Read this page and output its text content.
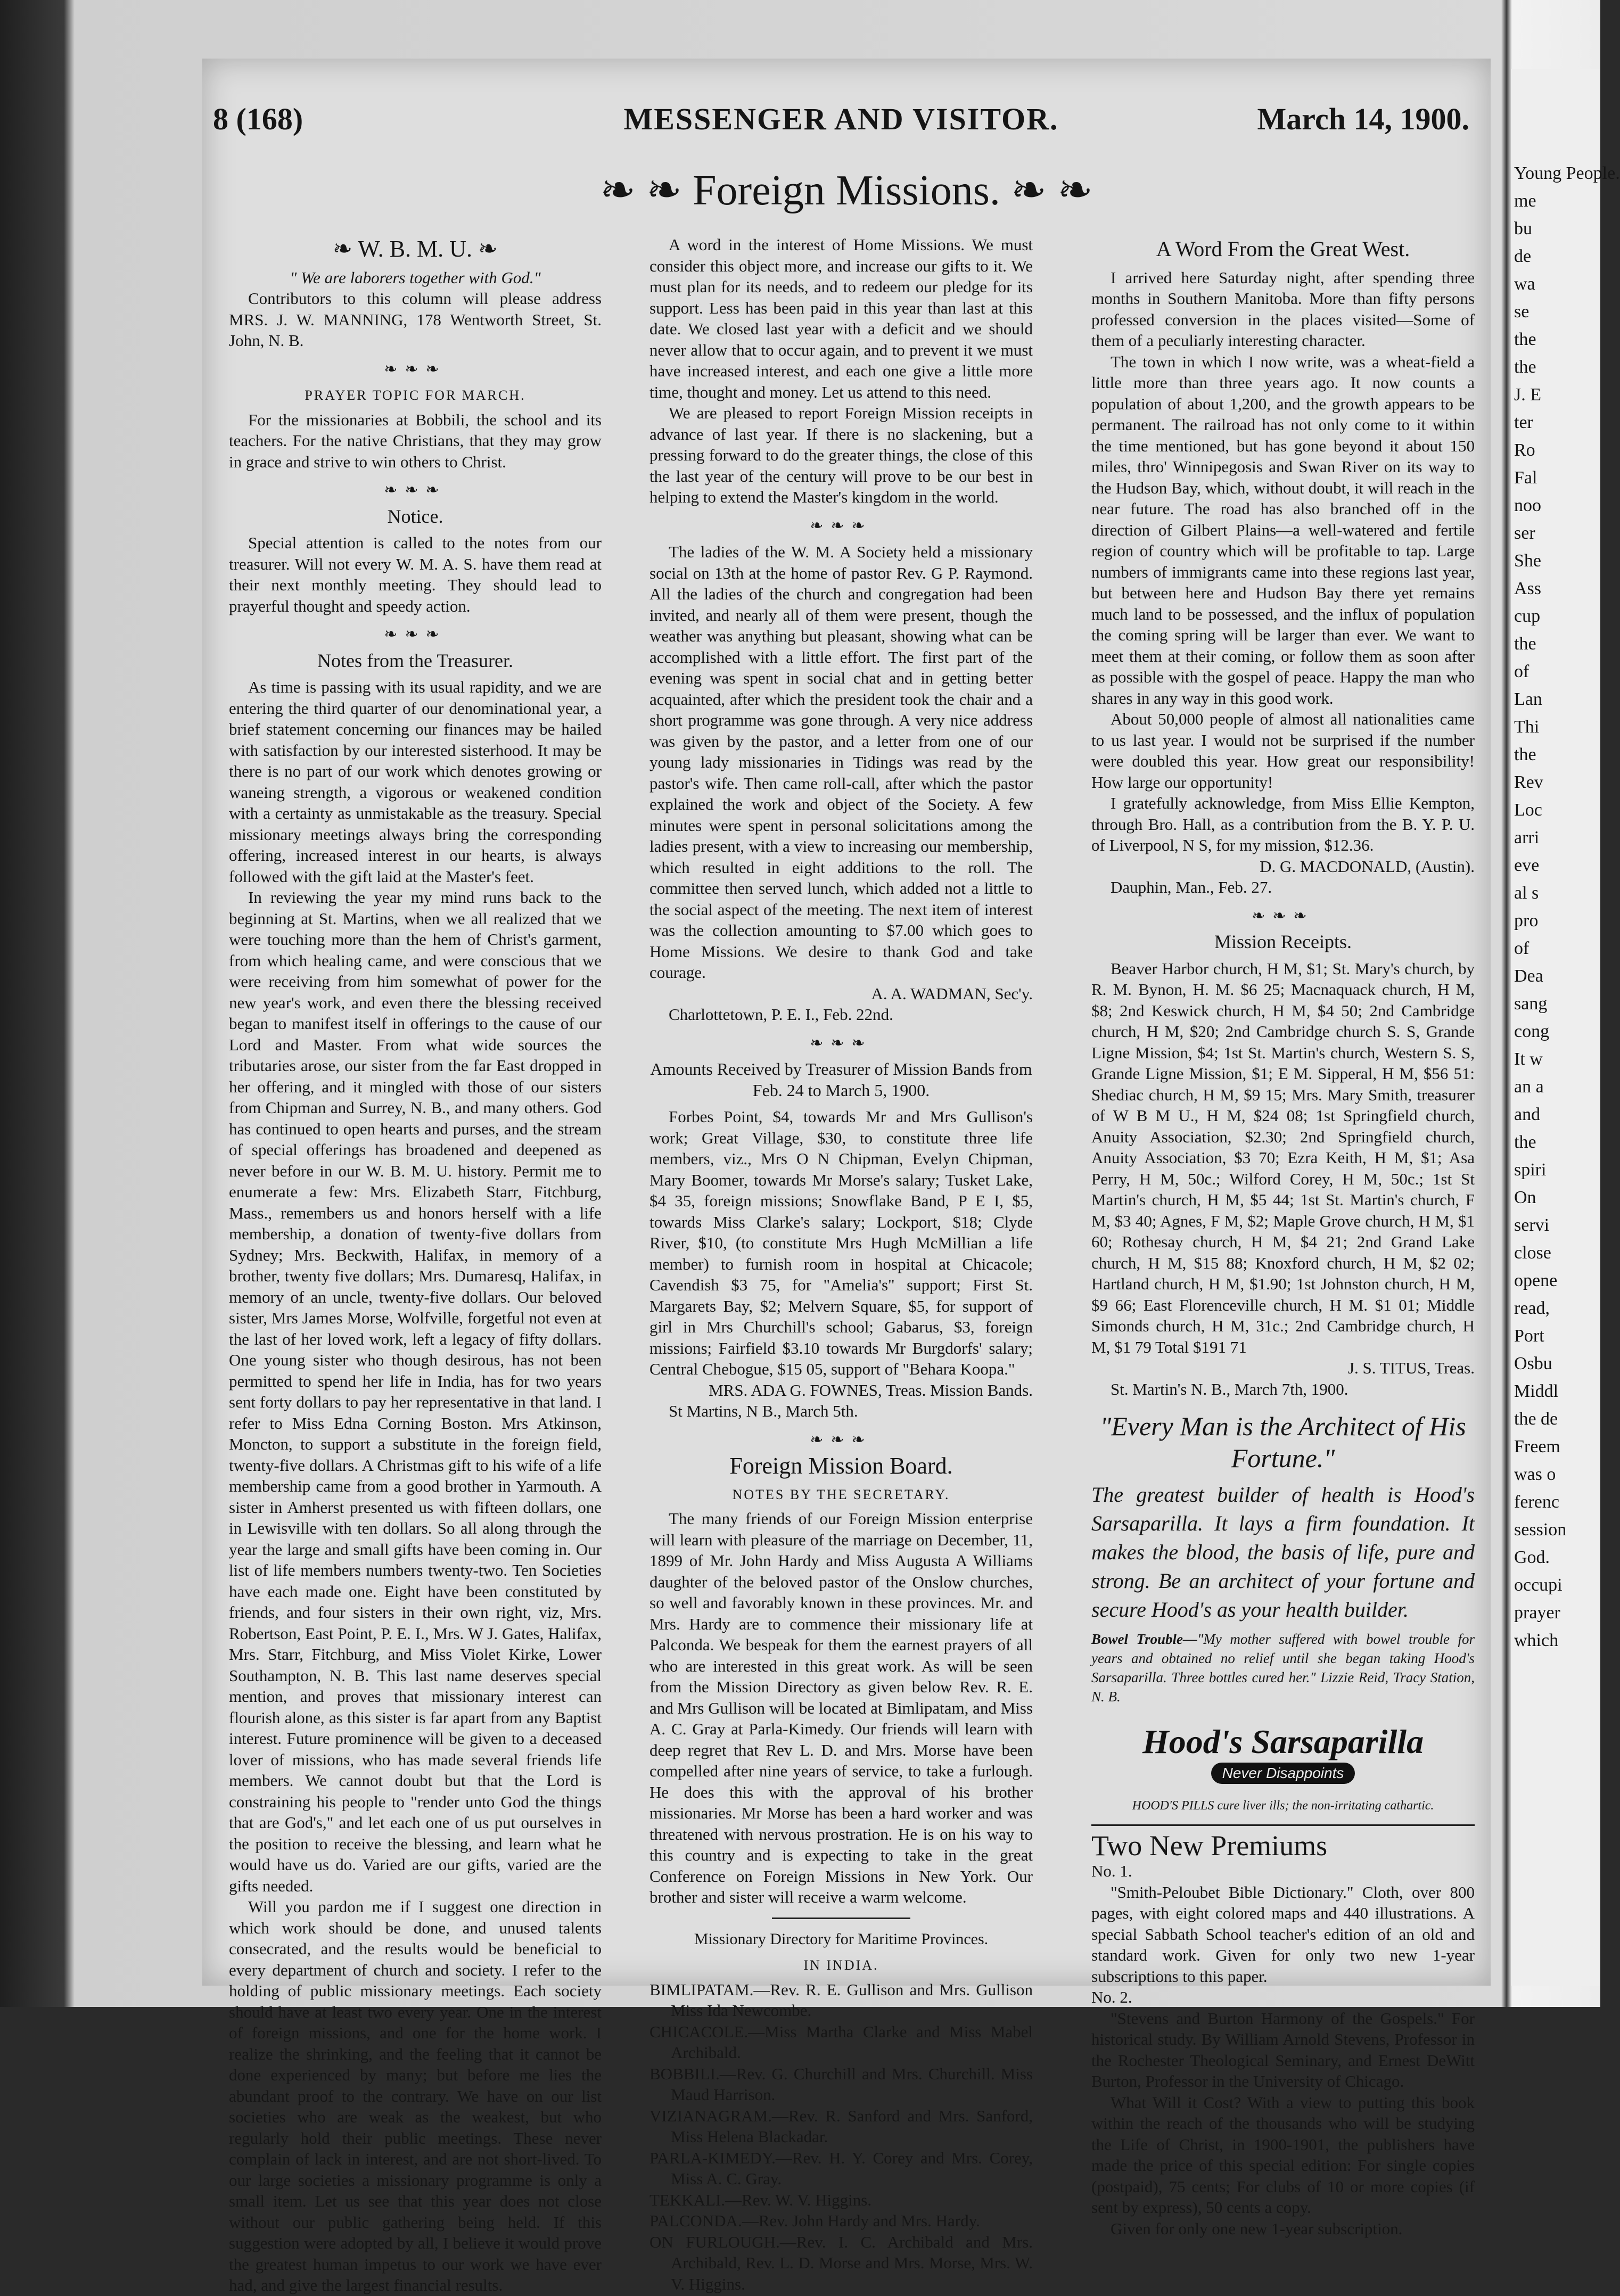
8 (168)	MESSENGER AND VISITOR.	March 14, 1900.
❧ ❧ Foreign Missions. ❧ ❧
❧ W. B. M. U. ❧

" We are laborers together with God."

Contributors to this column will please address MRS. J. W. MANNING, 178 Wentworth Street, St. John, N. B.

❧❧❧
PRAYER TOPIC FOR MARCH.

For the missionaries at Bobbili, the school and its teachers. For the native Christians, that they may grow in grace and strive to win others to Christ.

❧❧❧
Notice.

Special attention is called to the notes from our treasurer. Will not every W. M. A. S. have them read at their next monthly meeting. They should lead to prayerful thought and speedy action.

❧❧❧
Notes from the Treasurer.

As time is passing with its usual rapidity, and we are entering the third quarter of our denominational year, a brief statement concerning our finances may be hailed with satisfaction by our interested sisterhood. It may be there is no part of our work which denotes growing or waneing strength, a vigorous or weakened condition with a certainty as unmistakable as the treasury. Special missionary meetings always bring the corresponding offering, increased interest in our hearts, is always followed with the gift laid at the Master's feet.

In reviewing the year my mind runs back to the beginning at St. Martins, when we all realized that we were touching more than the hem of Christ's garment, from which healing came, and were conscious that we were receiving from him somewhat of power for the new year's work, and even there the blessing received began to manifest itself in offerings to the cause of our Lord and Master. From what wide sources the tributaries arose, our sister from the far East dropped in her offering, and it mingled with those of our sisters from Chipman and Surrey, N. B., and many others. God has continued to open hearts and purses, and the stream of special offerings has broadened and deepened as never before in our W. B. M. U. history. Permit me to enumerate a few: Mrs. Elizabeth Starr, Fitchburg, Mass., remembers us and honors herself with a life membership, a donation of twenty-five dollars from Sydney; Mrs. Beckwith, Halifax, in memory of a brother, twenty five dollars; Mrs. Dumaresq, Halifax, in memory of an uncle, twenty-five dollars. Our beloved sister, Mrs James Morse, Wolfville, forgetful not even at the last of her loved work, left a legacy of fifty dollars. One young sister who though desirous, has not been permitted to spend her life in India, has for two years sent forty dollars to pay her representative in that land. I refer to Miss Edna Corning Boston. Mrs Atkinson, Moncton, to support a substitute in the foreign field, twenty-five dollars. A Christmas gift to his wife of a life membership came from a good brother in Yarmouth. A sister in Amherst presented us with fifteen dollars, one in Lewisville with ten dollars. So all along through the year the large and small gifts have been coming in. Our list of life members numbers twenty-two. Ten Societies have each made one. Eight have been constituted by friends, and four sisters in their own right, viz, Mrs. Robertson, East Point, P. E. I., Mrs. W J. Gates, Halifax, Mrs. Starr, Fitchburg, and Miss Violet Kirke, Lower Southampton, N. B. This last name deserves special mention, and proves that missionary interest can flourish alone, as this sister is far apart from any Baptist interest. Future prominence will be given to a deceased lover of missions, who has made several friends life members. We cannot doubt but that the Lord is constraining his people to "render unto God the things that are God's," and let each one of us put ourselves in the position to receive the blessing, and learn what he would have us do. Varied are our gifts, varied are the gifts needed.

Will you pardon me if I suggest one direction in which work should be done, and unused talents consecrated, and the results would be beneficial to every department of church and society. I refer to the holding of public missionary meetings. Each society should have at least two every year. One in the interest of foreign missions, and one for the home work. I realize the shrinking, and the feeling that it cannot be done experienced by many; but before me lies the abundant proof to the contrary. We have on our list societies who are weak as the weakest, but who regularly hold their public meetings. These never complain of lack in interest, and are not short-lived. To our large societies a missionary programme is only a small item. Let us see that this year does not close without our public gathering being held. If this suggestion were adopted by all, I believe it would prove the greatest human impetus to our work we have ever had, and give the largest financial results.

A word in the interest of Home Missions. We must consider this object more, and increase our gifts to it. We must plan for its needs, and to redeem our pledge for its support. Less has been paid in this year than last at this date. We closed last year with a deficit and we should never allow that to occur again, and to prevent it we must have increased interest, and each one give a little more time, thought and money. Let us attend to this need.

We are pleased to report Foreign Mission receipts in advance of last year. If there is no slackening, but a pressing forward to do the greater things, the close of this the last year of the century will prove to be our best in helping to extend the Master's kingdom in the world.

❧❧❧

The ladies of the W. M. A Society held a missionary social on 13th at the home of pastor Rev. G P. Raymond. All the ladies of the church and congregation had been invited, and nearly all of them were present, though the weather was anything but pleasant, showing what can be accomplished with a little effort. The first part of the evening was spent in social chat and in getting better acquainted, after which the president took the chair and a short programme was gone through. A very nice address was given by the pastor, and a letter from one of our young lady missionaries in Tidings was read by the pastor's wife. Then came roll-call, after which the pastor explained the work and object of the Society. A few minutes were spent in personal solicitations among the ladies present, with a view to increasing our membership, which resulted in eight additions to the roll. The committee then served lunch, which added not a little to the social aspect of the meeting. The next item of interest was the collection amounting to $7.00 which goes to Home Missions. We desire to thank God and take courage.

A. A. WADMAN, Sec'y.

Charlottetown, P. E. I., Feb. 22nd.

❧❧❧
Amounts Received by Treasurer of Mission Bands from Feb. 24 to March 5, 1900.

Forbes Point, $4, towards Mr and Mrs Gullison's work; Great Village, $30, to constitute three life members, viz., Mrs O N Chipman, Evelyn Chipman, Mary Boomer, towards Mr Morse's salary; Tusket Lake, $4 35, foreign missions; Snowflake Band, P E I, $5, towards Miss Clarke's salary; Lockport, $18; Clyde River, $10, (to constitute Mrs Hugh McMillian a life member) to furnish room in hospital at Chicacole; Cavendish $3 75, for "Amelia's" support; First St. Margarets Bay, $2; Melvern Square, $5, for support of girl in Mrs Churchill's school; Gabarus, $3, foreign missions; Fairfield $3.10 towards Mr Burgdorfs' salary; Central Chebogue, $15 05, support of "Behara Koopa."

MRS. ADA G. FOWNES, Treas. Mission Bands.

St Martins, N B., March 5th.

❧❧❧
Foreign Mission Board.
NOTES BY THE SECRETARY.

The many friends of our Foreign Mission enterprise will learn with pleasure of the marriage on December, 11, 1899 of Mr. John Hardy and Miss Augusta A Williams daughter of the beloved pastor of the Onslow churches, so well and favorably known in these provinces. Mr. and Mrs. Hardy are to commence their missionary life at Palconda. We bespeak for them the earnest prayers of all who are interested in this great work. As will be seen from the Mission Directory as given below Rev. R. E. and Mrs Gullison will be located at Bimlipatam, and Miss A. C. Gray at Parla-Kimedy. Our friends will learn with deep regret that Rev L. D. and Mrs. Morse have been compelled after nine years of service, to take a furlough. He does this with the approval of his brother missionaries. Mr Morse has been a hard worker and was threatened with nervous prostration. He is on his way to this country and is expecting to take in the great Conference on Foreign Missions in New York. Our brother and sister will receive a warm welcome.

Missionary Directory for Maritime Provinces.
IN INDIA.

BIMLIPATAM.—Rev. R. E. Gullison and Mrs. Gullison Miss Ida Newcombe.

CHICACOLE.—Miss Martha Clarke and Miss Mabel Archibald.

BOBBILI.—Rev. G. Churchill and Mrs. Churchill. Miss Maud Harrison.

VIZIANAGRAM.—Rev. R. Sanford and Mrs. Sanford, Miss Helena Blackadar.

PARLA-KIMEDY.—Rev. H. Y. Corey and Mrs. Corey, Miss A. C. Gray.

TEKKALI.—Rev. W. V. Higgins.

PALCONDA.—Rev. John Hardy and Mrs. Hardy.

ON FURLOUGH.—Rev. I. C. Archibald and Mrs. Archibald, Rev. L. D. Morse and Mrs. Morse, Mrs. W. V. Higgins.

A Word From the Great West.

I arrived here Saturday night, after spending three months in Southern Manitoba. More than fifty persons professed conversion in the places visited—Some of them of a peculiarly interesting character.

The town in which I now write, was a wheat-field a little more than three years ago. It now counts a population of about 1,200, and the growth appears to be permanent. The railroad has not only come to it within the time mentioned, but has gone beyond it about 150 miles, thro' Winnipegosis and Swan River on its way to the Hudson Bay, which, without doubt, it will reach in the near future. The road has also branched off in the direction of Gilbert Plains—a well-watered and fertile region of country which will be profitable to tap. Large numbers of immigrants came into these regions last year, but between here and Hudson Bay there yet remains much land to be possessed, and the influx of population the coming spring will be larger than ever. We want to meet them at their coming, or follow them as soon after as possible with the gospel of peace. Happy the man who shares in any way in this good work.

About 50,000 people of almost all nationalities came to us last year. I would not be surprised if the number were doubled this year. How great our responsibility! How large our opportunity!

I gratefully acknowledge, from Miss Ellie Kempton, through Bro. Hall, as a contribution from the B. Y. P. U. of Liverpool, N S, for my mission, $12.36.

D. G. MACDONALD, (Austin).

Dauphin, Man., Feb. 27.

❧❧❧
Mission Receipts.

Beaver Harbor church, H M, $1; St. Mary's church, by R. M. Bynon, H. M. $6 25; Macnaquack church, H M, $8; 2nd Keswick church, H M, $4 50; 2nd Cambridge church, H M, $20; 2nd Cambridge church S. S, Grande Ligne Mission, $4; 1st St. Martin's church, Western S. S, Grande Ligne Mission, $1; E M. Sipperal, H M, $56 51: Shediac church, H M, $9 15; Mrs. Mary Smith, treasurer of W B M U., H M, $24 08; 1st Springfield church, Anuity Association, $2.30; 2nd Springfield church, Anuity Association, $3 70; Ezra Keith, H M, $1; Asa Perry, H M, 50c.; Wilford Corey, H M, 50c.; 1st St Martin's church, H M, $5 44; 1st St. Martin's church, F M, $3 40; Agnes, F M, $2; Maple Grove church, H M, $1 60; Rothesay church, H M, $4 21; 2nd Grand Lake church, H M, $15 88; Knoxford church, H M, $2 02; Hartland church, H M, $1.90; 1st Johnston church, H M, $9 66; East Florenceville church, H M. $1 01; Middle Simonds church, H M, 31c.; 2nd Cambridge church, H M, $1 79 Total $191 71

J. S. TITUS, Treas.

St. Martin's N. B., March 7th, 1900.

"Every Man is the Architect of His Fortune."
The greatest builder of health is Hood's Sarsaparilla. It lays a firm foundation. It makes the blood, the basis of life, pure and strong. Be an architect of your fortune and secure Hood's as your health builder.
Bowel Trouble—"My mother suffered with bowel trouble for years and obtained no relief until she began taking Hood's Sarsaparilla. Three bottles cured her." Lizzie Reid, Tracy Station, N. B.
Hood's Sarsaparilla
Never Disappoints
HOOD'S PILLS cure liver ills; the non-irritating cathartic.
Two New Premiums

No. 1.

"Smith-Peloubet Bible Dictionary." Cloth, over 800 pages, with eight colored maps and 440 illustrations. A special Sabbath School teacher's edition of an old and standard work. Given for only two new 1-year subscriptions to this paper.

No. 2.

"Stevens and Burton Harmony of the Gospels." For historical study. By William Arnold Stevens, Professor in the Rochester Theological Seminary, and Ernest DeWitt Burton, Professor in the University of Chicago.

What Will it Cost? With a view to putting this book within the reach of the thousands who will be studying the Life of Christ, in 1900-1901, the publishers have made the price of this special edition: For single copies (postpaid), 75 cents; For clubs of 10 or more copies (if sent by express), 50 cents a copy.

Given for only one new 1-year subscription.

Young People.
me
bu
de
wa
se
the
the
J. E
ter
Ro
Fal
noo
ser
She
Ass
cup
the
of
Lan
Thi
the
Rev
Loc
arri
eve
al s
pro
of
Dea
sang
cong
It w
an a
and
the
spiri
On
servi
close
opene
read,
Port
Osbu
Middl
the de
Freem
was o
ferenc
session
God.
occupi
prayer
which
